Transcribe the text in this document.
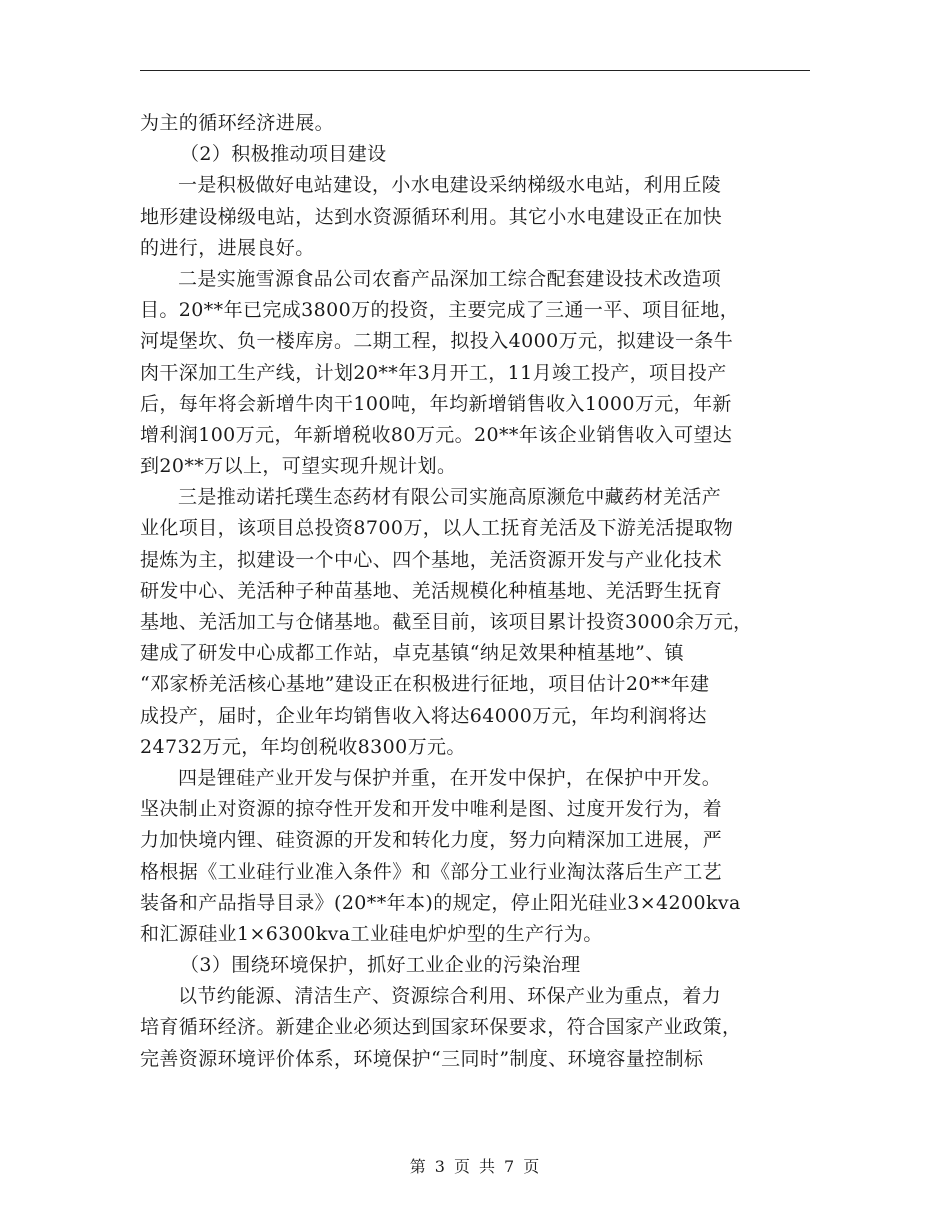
为主的循环经济进展。
（2）积极推动项目建设
一是积极做好电站建设，小水电建设采纳梯级水电站，利用丘陵
地形建设梯级电站，达到水资源循环利用。其它小水电建设正在加快
的进行，进展良好。
二是实施雪源食品公司农畜产品深加工综合配套建设技术改造项
目。20**年已完成3800万的投资，主要完成了三通一平、项目征地，
河堤堡坎、负一楼库房。二期工程，拟投入4000万元，拟建设一条牛
肉干深加工生产线，计划20**年3月开工，11月竣工投产，项目投产
后，每年将会新增牛肉干100吨，年均新增销售收入1000万元，年新
增利润100万元，年新增税收80万元。20**年该企业销售收入可望达
到20**万以上，可望实现升规计划。
三是推动诺托璞生态药材有限公司实施高原濒危中藏药材羌活产
业化项目，该项目总投资8700万，以人工抚育羌活及下游羌活提取物
提炼为主，拟建设一个中心、四个基地，羌活资源开发与产业化技术
研发中心、羌活种子种苗基地、羌活规模化种植基地、羌活野生抚育
基地、羌活加工与仓储基地。截至目前，该项目累计投资3000余万元，
建成了研发中心成都工作站，卓克基镇“纳足效果种植基地”、镇
“邓家桥羌活核心基地”建设正在积极进行征地，项目估计20**年建
成投产，届时，企业年均销售收入将达64000万元，年均利润将达
24732万元，年均创税收8300万元。
四是锂硅产业开发与保护并重，在开发中保护，在保护中开发。
坚决制止对资源的掠夺性开发和开发中唯利是图、过度开发行为，着
力加快境内锂、硅资源的开发和转化力度，努力向精深加工进展，严
格根据《工业硅行业准入条件》和《部分工业行业淘汰落后生产工艺
装备和产品指导目录》(20**年本)的规定，停止阳光硅业3×4200kva
和汇源硅业1×6300kva工业硅电炉炉型的生产行为。
（3）围绕环境保护，抓好工业企业的污染治理
以节约能源、清洁生产、资源综合利用、环保产业为重点，着力
培育循环经济。新建企业必须达到国家环保要求，符合国家产业政策，
完善资源环境评价体系，环境保护“三同时”制度、环境容量控制标
第 3 页 共 7 页
